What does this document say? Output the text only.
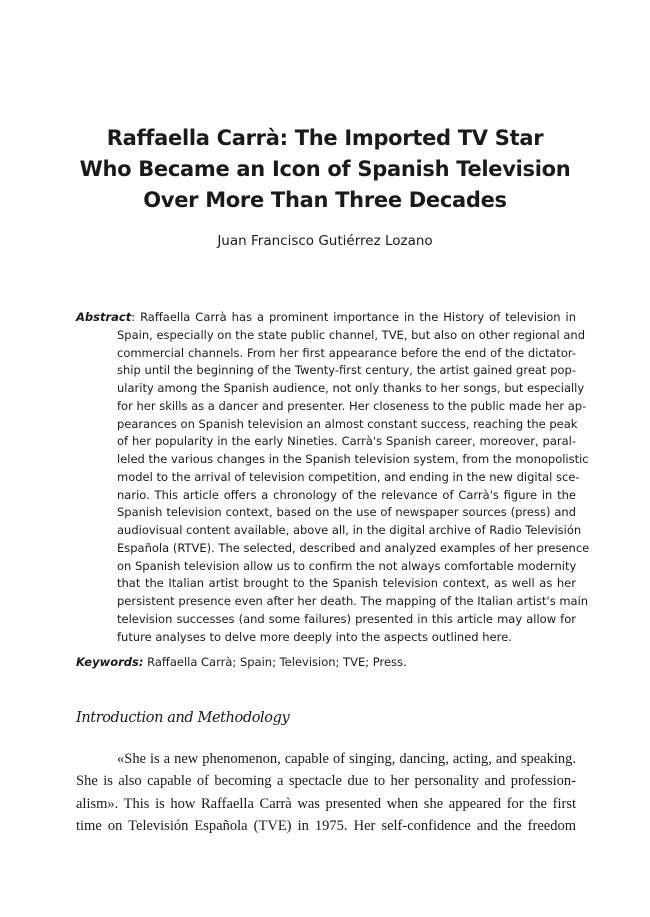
Raffaella Carrà: The Imported TV Star
Who Became an Icon of Spanish Television
Over More Than Three Decades
Juan Francisco Gutiérrez Lozano
Abstract: Raffaella Carrà has a prominent importance in the History of television in
Spain, especially on the state public channel, TVE, but also on other regional and
commercial channels. From her first appearance before the end of the dictator-
ship until the beginning of the Twenty-first century, the artist gained great pop-
ularity among the Spanish audience, not only thanks to her songs, but especially
for her skills as a dancer and presenter. Her closeness to the public made her ap-
pearances on Spanish television an almost constant success, reaching the peak
of her popularity in the early Nineties. Carrà's Spanish career, moreover, paral-
leled the various changes in the Spanish television system, from the monopolistic
model to the arrival of television competition, and ending in the new digital sce-
nario. This article offers a chronology of the relevance of Carrà's figure in the
Spanish television context, based on the use of newspaper sources (press) and
audiovisual content available, above all, in the digital archive of Radio Televisión
Española (RTVE). The selected, described and analyzed examples of her presence
on Spanish television allow us to confirm the not always comfortable modernity
that the Italian artist brought to the Spanish television context, as well as her
persistent presence even after her death. The mapping of the Italian artist's main
television successes (and some failures) presented in this article may allow for
future analyses to delve more deeply into the aspects outlined here.
Keywords: Raffaella Carrà; Spain; Television; TVE; Press.
Introduction and Methodology
«She is a new phenomenon, capable of singing, dancing, acting, and speaking.
She is also capable of becoming a spectacle due to her personality and profession-
alism». This is how Raffaella Carrà was presented when she appeared for the first
time on Televisión Española (TVE) in 1975. Her self-confidence and the freedom
